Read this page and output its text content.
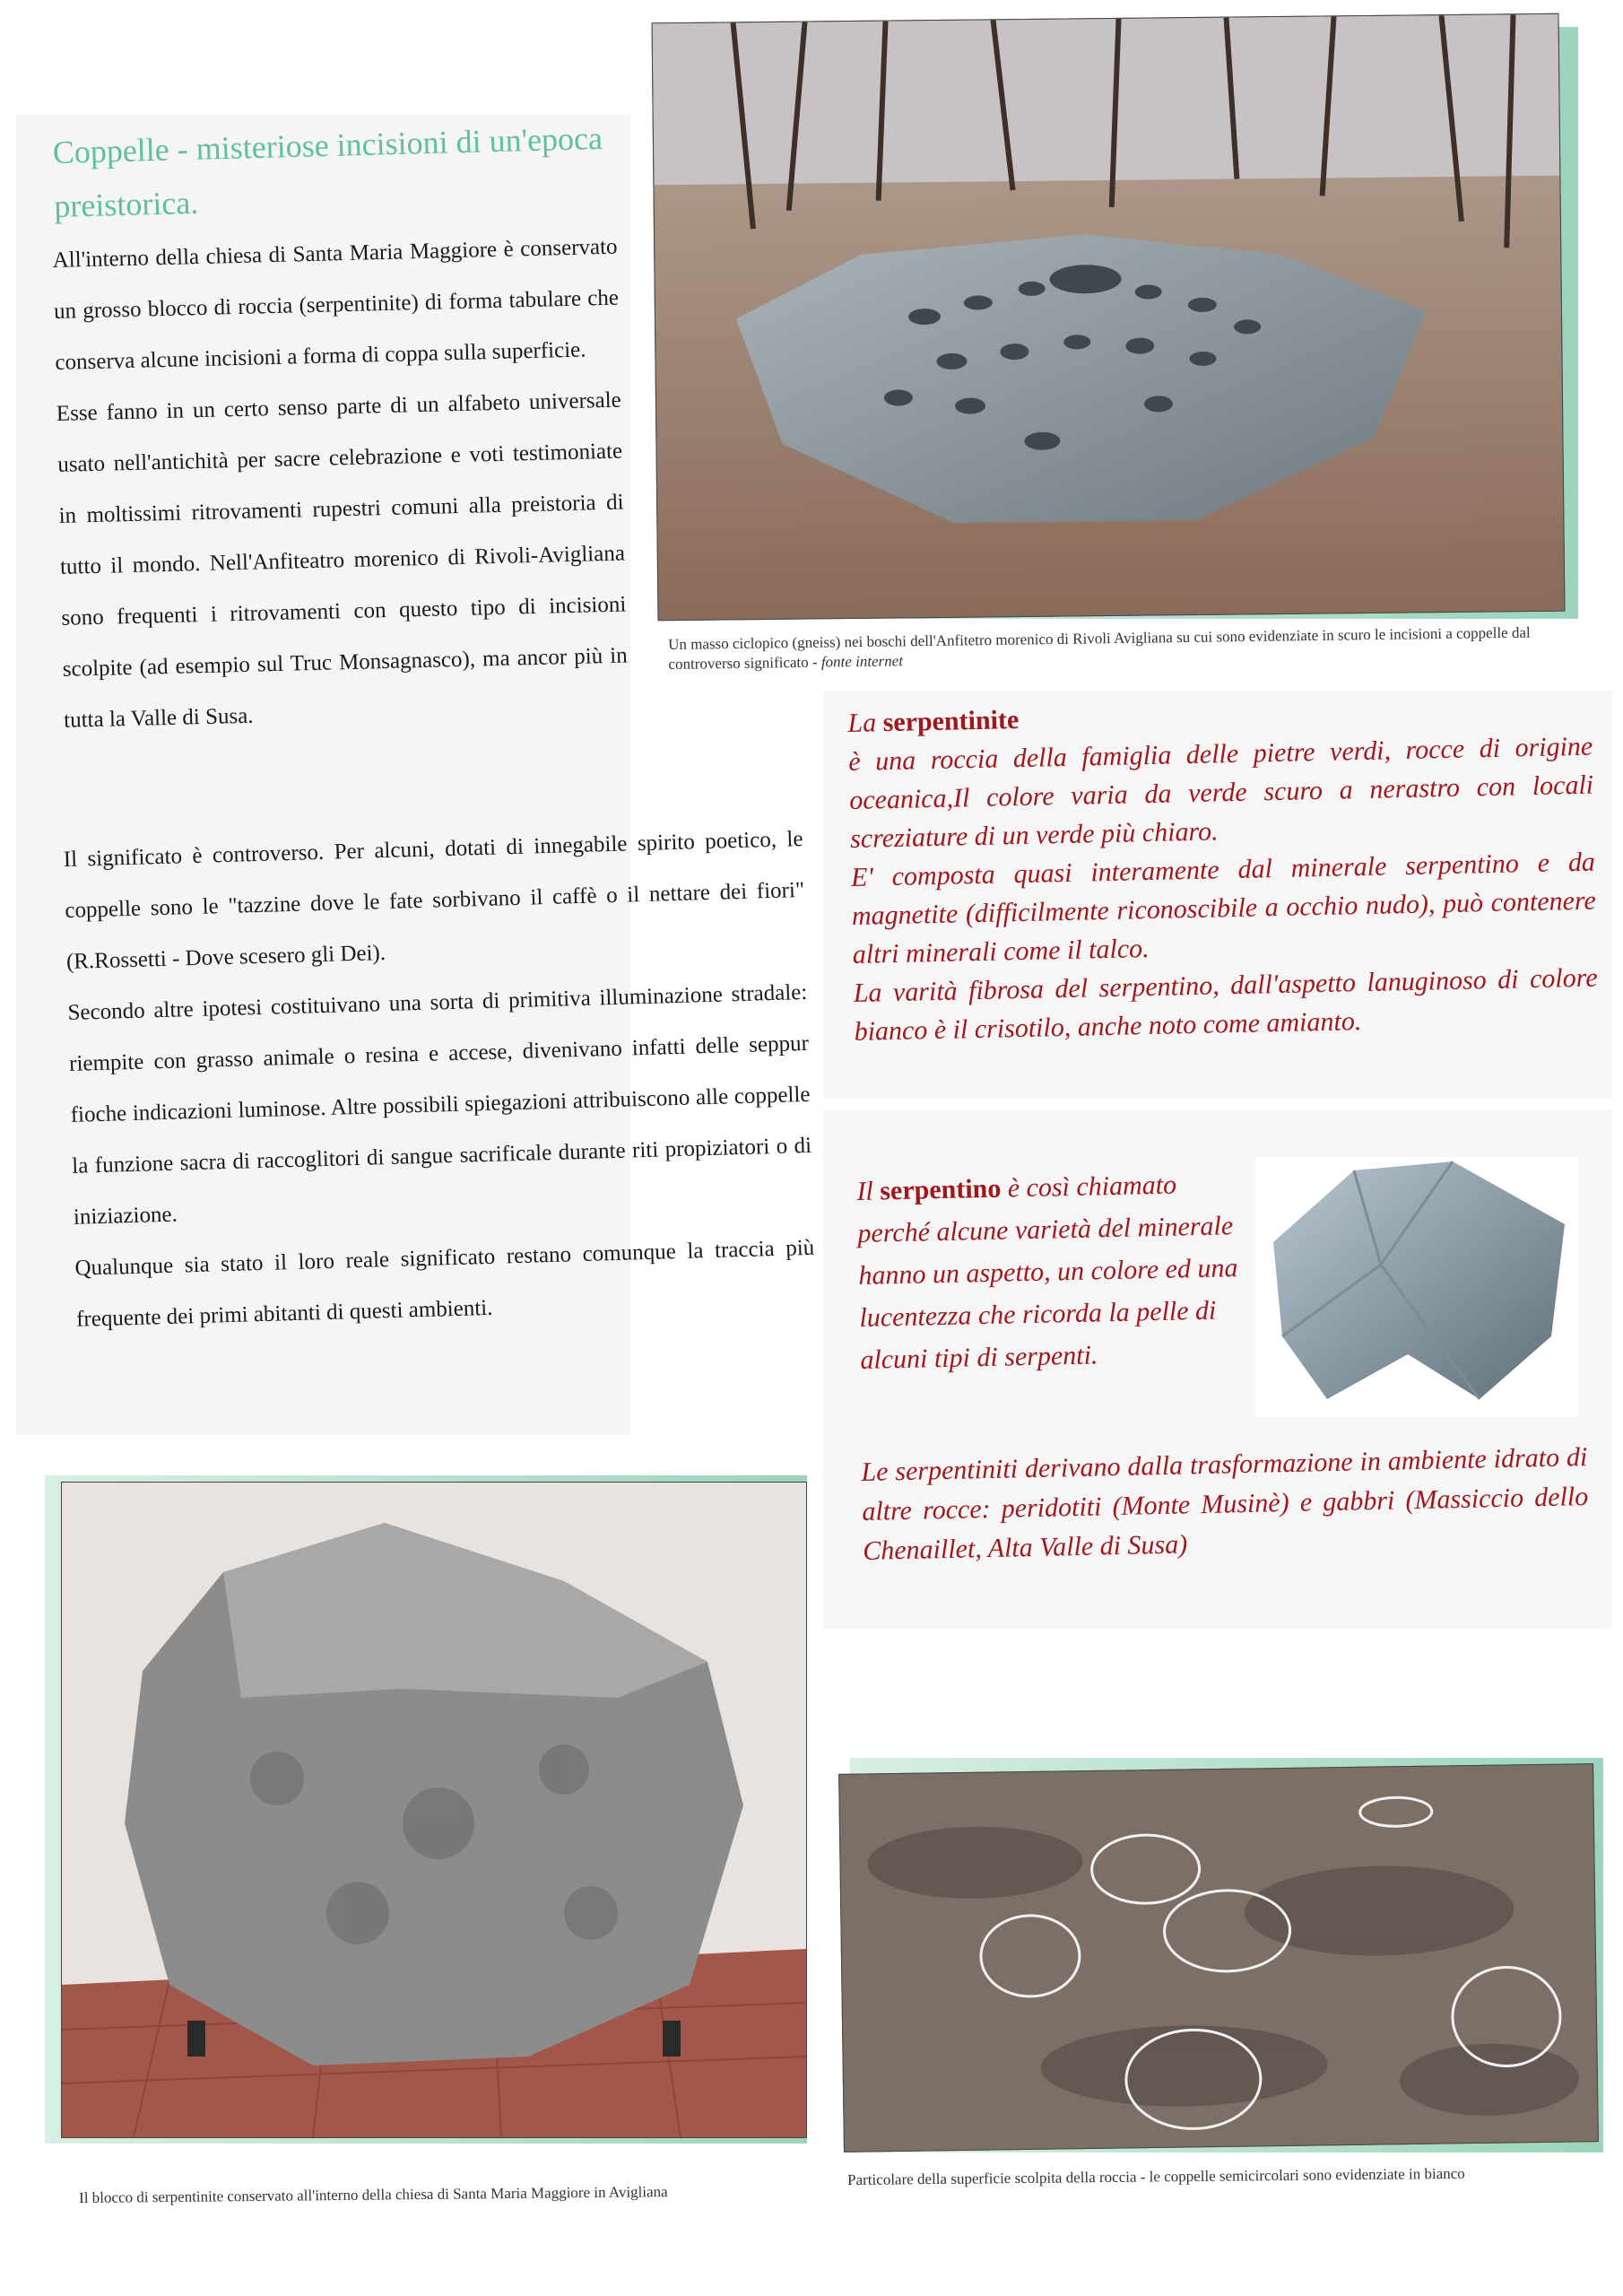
Coppelle - misteriose incisioni di un'epoca preistorica.

All'interno della chiesa di Santa Maria Maggiore è conservato un grosso blocco di roccia (serpentinite) di forma tabulare che conserva alcune incisioni a forma di coppa sulla superficie.

Esse fanno in un certo senso parte di un alfabeto universale usato nell'antichità per sacre celebrazione e voti testimoniate in moltissimi ritrovamenti rupestri comuni alla preistoria di tutto il mondo. Nell'Anfiteatro morenico di Rivoli-Avigliana sono frequenti i ritrovamenti con questo tipo di incisioni scolpite (ad esempio sul Truc Monsagnasco), ma ancor più in tutta la Valle di Susa.

Il significato è controverso. Per alcuni, dotati di innegabile spirito poetico, le coppelle sono le "tazzine dove le fate sorbivano il caffè o il nettare dei fiori" (R.Rossetti - Dove scesero gli Dei).

Secondo altre ipotesi costituivano una sorta di primitiva illuminazione stradale: riempite con grasso animale o resina e accese, divenivano infatti delle seppur fioche indicazioni luminose. Altre possibili spiegazioni attribuiscono alle coppelle la funzione sacra di raccoglitori di sangue sacrificale durante riti propiziatori o di iniziazione.

Qualunque sia stato il loro reale significato restano comunque la traccia più frequente dei primi abitanti di questi ambienti.

Un masso ciclopico (gneiss) nei boschi dell'Anfitetro morenico di Rivoli Avigliana su cui sono evidenziate in scuro le incisioni a coppelle dal controverso significato - fonte internet

La serpentinite

è una roccia della famiglia delle pietre verdi, rocce di origine oceanica,Il colore varia da verde scuro a nerastro con locali screziature di un verde più chiaro.

E' composta quasi interamente dal minerale serpentino e da magnetite (difficilmente riconoscibile a occhio nudo), può contenere altri minerali come il talco.

La varità fibrosa del serpentino, dall'aspetto lanuginoso di colore bianco è il crisotilo, anche noto come amianto.

Il serpentino è così chiamato perché alcune varietà del minerale hanno un aspetto, un colore ed una lucentezza che ricorda la pelle di alcuni tipi di serpenti.

Le serpentiniti derivano dalla trasformazione in ambiente idrato di altre rocce: peridotiti (Monte Musinè) e gabbri (Massiccio dello Chenaillet, Alta Valle di Susa)

Il blocco di serpentinite conservato all'interno della chiesa di Santa Maria Maggiore in Avigliana
Particolare della superficie scolpita della roccia - le coppelle semicircolari sono evidenziate in bianco
